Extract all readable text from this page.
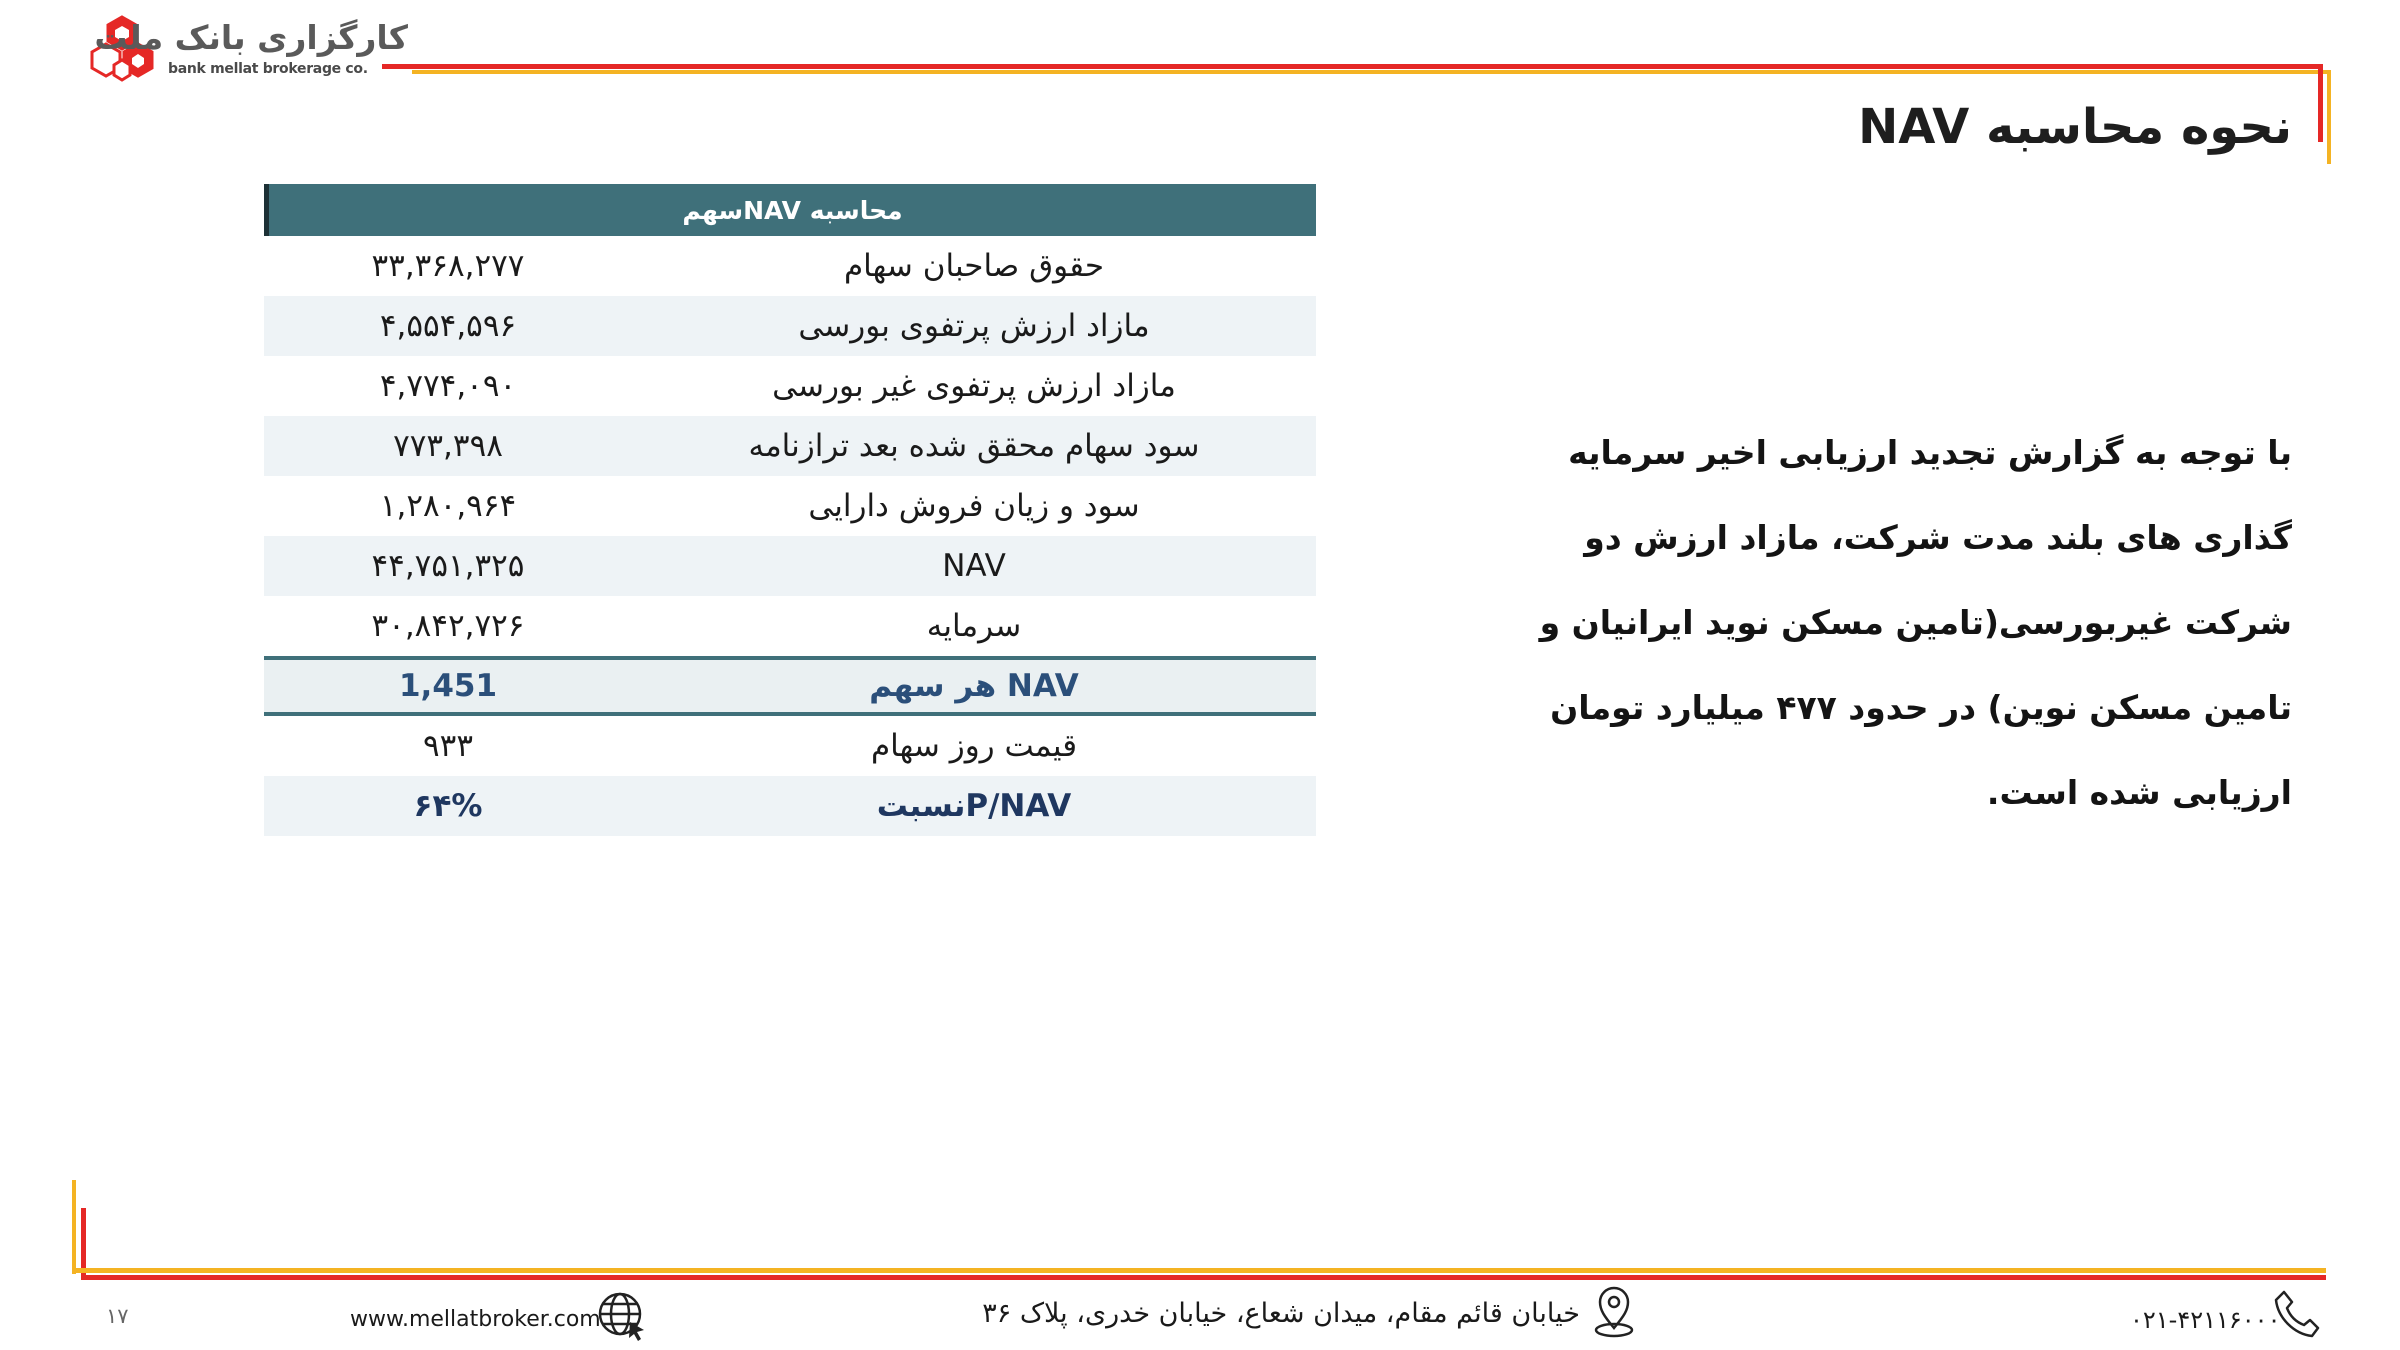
کارگزاری بانک ملت
bank mellat brokerage co.
نحوه محاسبه NAV
محاسبه NAVسهم
۳۳,۳۶۸,۲۷۷	حقوق صاحبان سهام
۴,۵۵۴,۵۹۶	مازاد ارزش پرتفوی بورسی
۴,۷۷۴,۰۹۰	مازاد ارزش پرتفوی غیر بورسی
۷۷۳,۳۹۸	سود سهام محقق شده بعد ترازنامه
۱,۲۸۰,۹۶۴	سود و زیان فروش دارایی
۴۴,۷۵۱,۳۲۵	NAV
۳۰,۸۴۲,۷۲۶	سرمایه
1,451	NAV هر سهم
۹۳۳	قیمت روز سهام
۶۴%	P/NAVنسبت
با توجه به گزارش تجدید ارزیابی اخیر سرمایه گذاری های بلند مدت شرکت، مازاد ارزش دو شرکت غیربورسی(تامین مسکن نوید ایرانیان و تامین مسکن نوین) در حدود ۴۷۷ میلیارد تومان ارزیابی شده است.
۱۷	www.mellatbroker.com	خیابان قائم مقام، میدان شعاع، خیابان خدری، پلاک ۳۶	۰۲۱-۴۲۱۱۶۰۰۰
